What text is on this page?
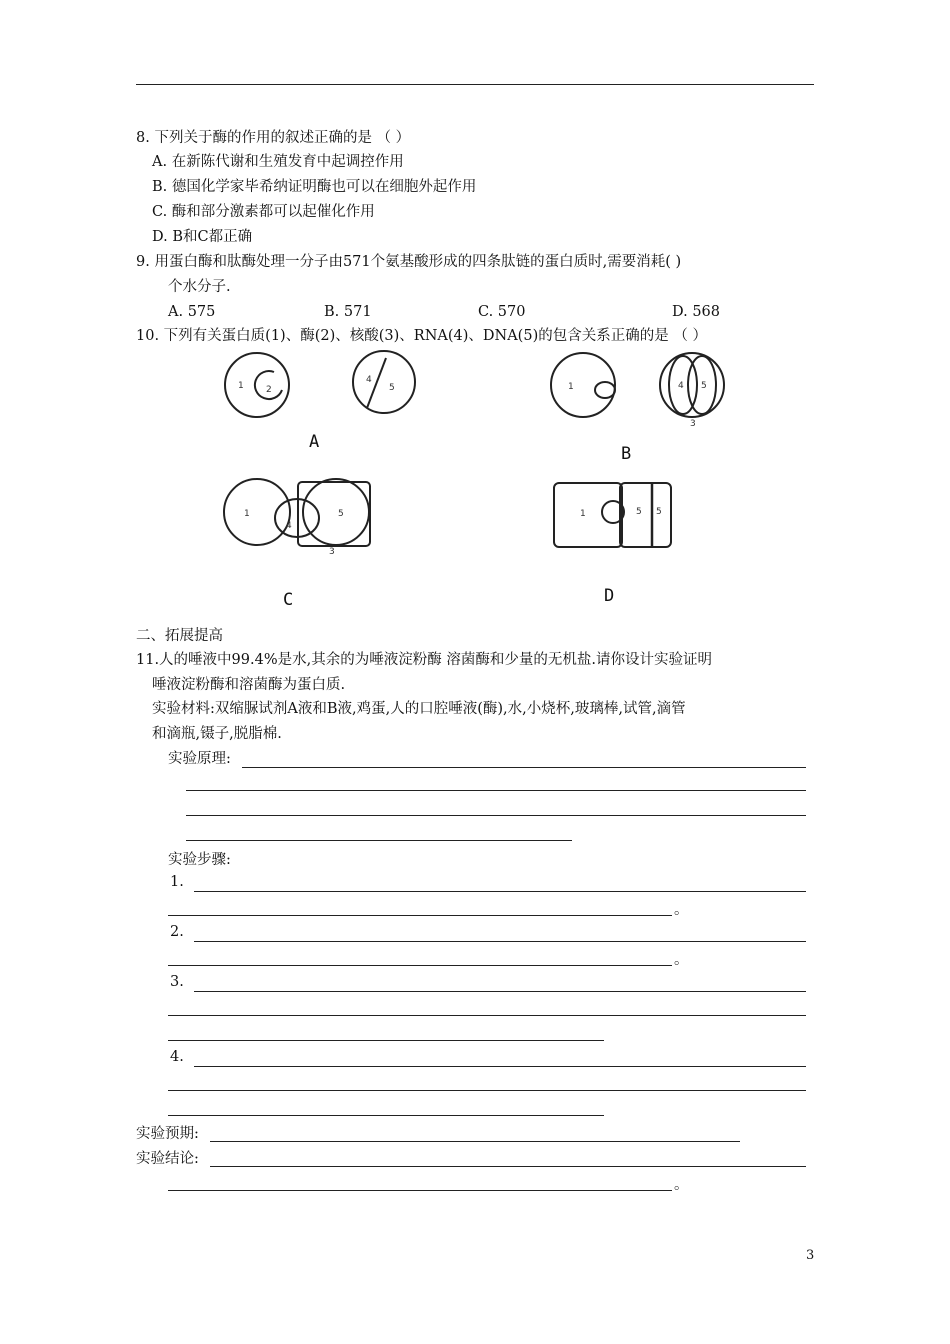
8. 下列关于酶的作用的叙述正确的是 （ ）
A. 在新陈代谢和生殖发育中起调控作用
B. 德国化学家毕希纳证明酶也可以在细胞外起作用
C. 酶和部分激素都可以起催化作用
D. B和C都正确
9. 用蛋白酶和肽酶处理一分子由571个氨基酸形成的四条肽链的蛋白质时,需要消耗( )
个水分子.
A. 575	B. 571	C. 570	D. 568
10. 下列有关蛋白质(1)、酶(2)、核酸(3)、RNA(4)、DNA(5)的包含关系正确的是 （ ）
1 2
4
5
A
1	4 5
3
B
1
4
5
3
C
1	5 5
D
二、拓展提高
11.人的唾液中99.4%是水,其余的为唾液淀粉酶 溶菌酶和少量的无机盐.请你设计实验证明
唾液淀粉酶和溶菌酶为蛋白质.
实验材料:双缩脲试剂A液和B液,鸡蛋,人的口腔唾液(酶),水,小烧杯,玻璃棒,试管,滴管
和滴瓶,镊子,脱脂棉.
实验原理:
实验步骤:
1.
。
2.
。
3.
4.
实验预期:
实验结论:
。
3
